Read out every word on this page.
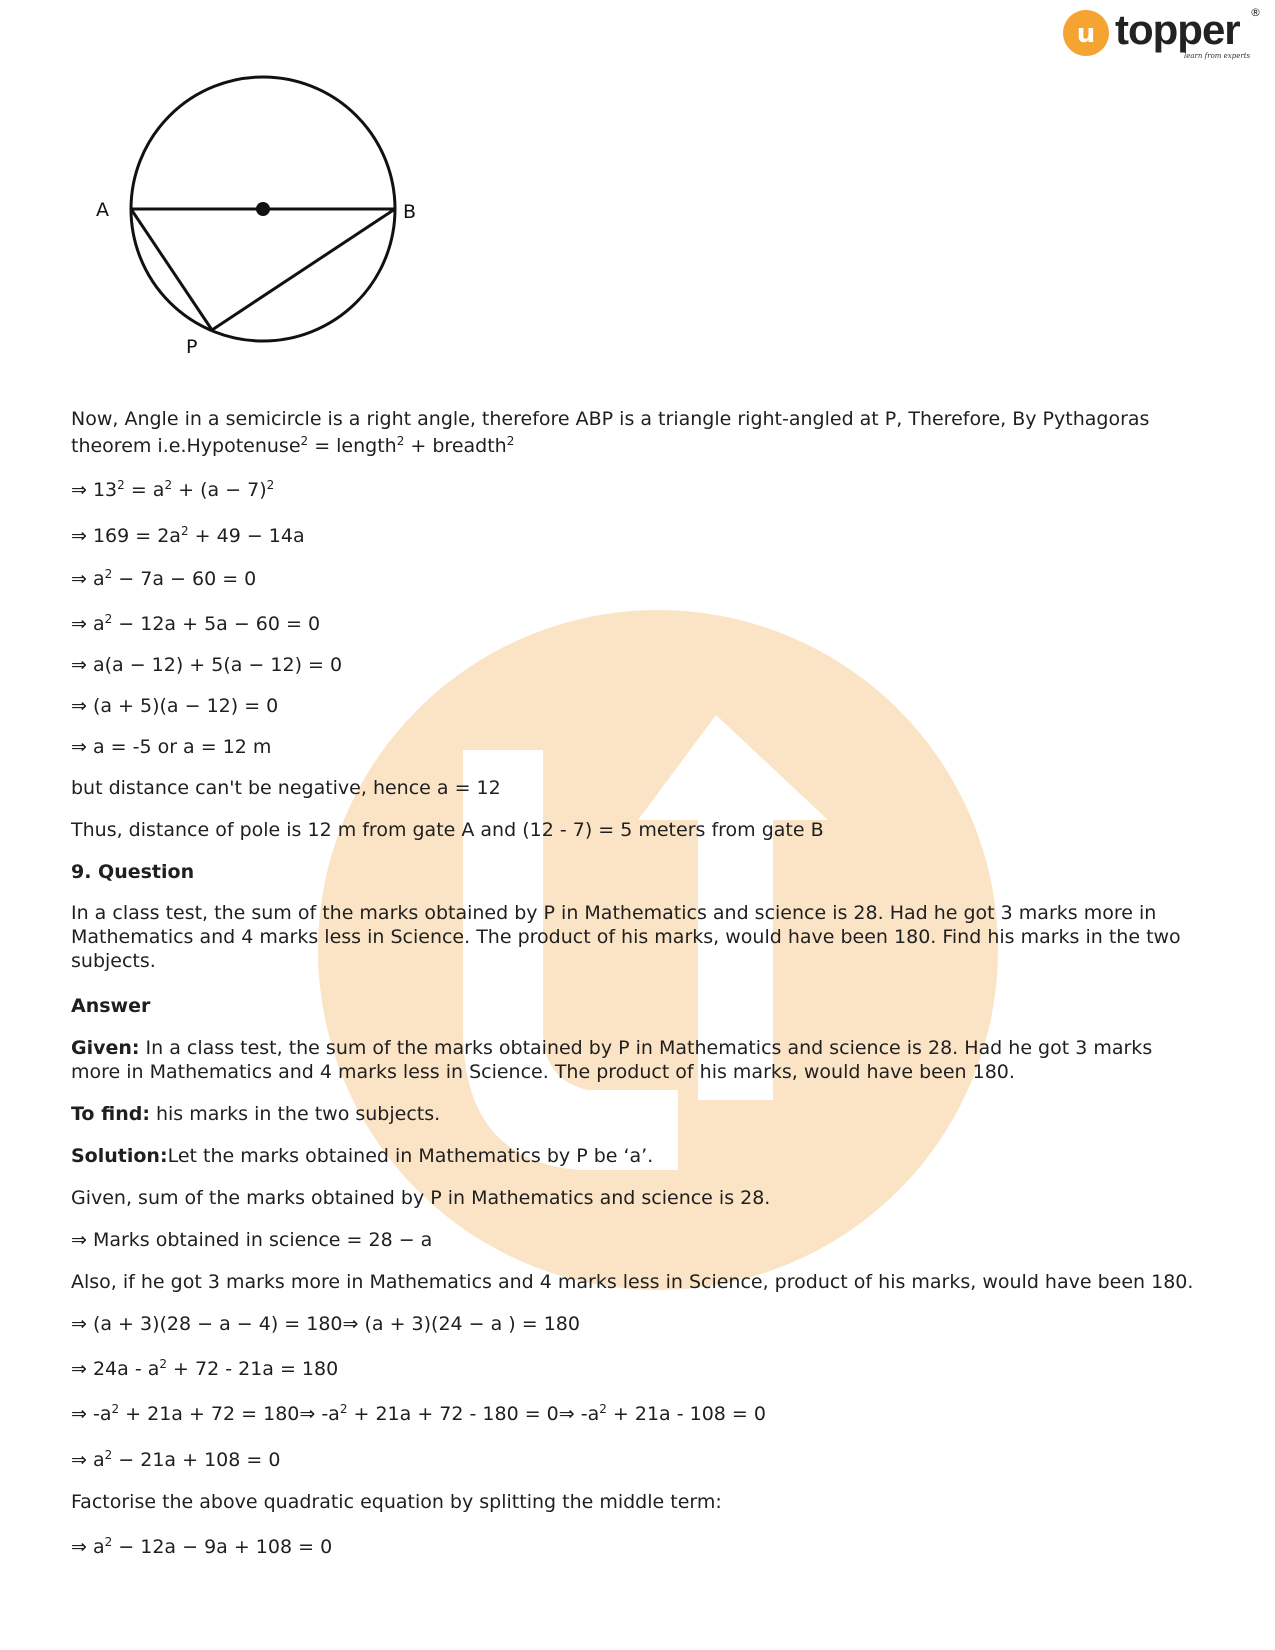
u topper ®
learn from experts
A	B
P
Now, Angle in a semicircle is a right angle, therefore ABP is a triangle right-angled at P, Therefore, By Pythagoras
theorem i.e.Hypotenuse$^2$ = length$^2$ + breadth$^2$
⇒ $13^2 = a^2 + (a - 7)^2$
⇒ $169 = 2a^2 + 49 - 14a$
⇒ $a^2 - 7a - 60 = 0$
⇒ $a^2 - 12a + 5a - 60 = 0$
⇒ a(a − 12) + 5(a − 12) = 0
⇒ (a + 5)(a − 12) = 0
⇒ a = -5 or a = 12 m
but distance can't be negative, hence a = 12
Thus, distance of pole is 12 m from gate A and (12 - 7) = 5 meters from gate B
9. Question
In a class test, the sum of the marks obtained by P in Mathematics and science is 28. Had he got 3 marks more in Mathematics and 4 marks less in Science. The product of his marks, would have been 180. Find his marks in the two subjects.
Answer
Given: In a class test, the sum of the marks obtained by P in Mathematics and science is 28. Had he got 3 marks more in Mathematics and 4 marks less in Science. The product of his marks, would have been 180.
To find: his marks in the two subjects.
Solution:Let the marks obtained in Mathematics by P be ‘a’.
Given, sum of the marks obtained by P in Mathematics and science is 28.
⇒ Marks obtained in science = 28 − a
Also, if he got 3 marks more in Mathematics and 4 marks less in Science, product of his marks, would have been 180.
⇒ (a + 3)(28 − a − 4) = 180⇒ (a + 3)(24 − a ) = 180
⇒ $24a - a^2 + 72 - 21a = 180$
⇒ $-a^2 + 21a + 72$ = 180⇒ $-a^2 + 21a + 72 - 180$ = 0⇒ $-a^2 + 21a - 108 = 0$
⇒ $a^2 - 21a + 108 = 0$
Factorise the above quadratic equation by splitting the middle term:
⇒ $a^2 - 12a - 9a + 108 = 0$
